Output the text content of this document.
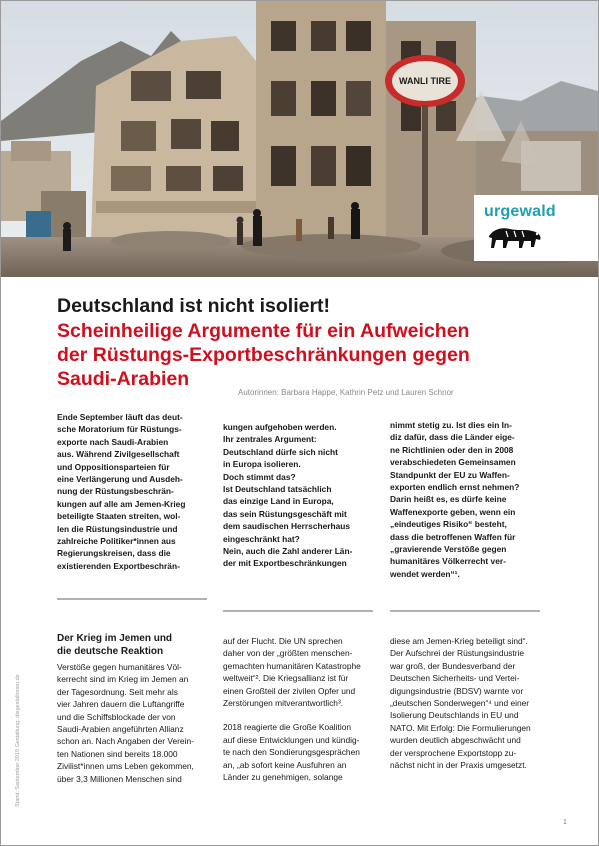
WANLI TIRE
urgewald
Deutschland ist nicht isoliert!
Scheinheilige Argumente für ein Aufweichen
der Rüstungs-Exportbeschränkungen gegen
Saudi-Arabien
Autorinnen: Barbara Happe, Kathrin Petz und Lauren Schnor

Ende September läuft das deut-

sche Moratorium für Rüstungs-

exporte nach Saudi-Arabien

aus. Während Zivilgesellschaft

und Oppositionsparteien für

eine Verlängerung und Ausdeh-

nung der Rüstungsbeschrän-

kungen auf alle am Jemen-Krieg

beteiligte Staaten streiten, wol-

len die Rüstungsindustrie und

zahlreiche Politiker*innen aus

Regierungskreisen, dass die

existierenden Exportbeschrän-

kungen aufgehoben werden.

Ihr zentrales Argument:

Deutschland dürfe sich nicht

in Europa isolieren.

Doch stimmt das?

Ist Deutschland tatsächlich

das einzige Land in Europa,

das sein Rüstungsgeschäft mit

dem saudischen Herrscherhaus

eingeschränkt hat?

Nein, auch die Zahl anderer Län-

der mit Exportbeschränkungen

nimmt stetig zu. Ist dies ein In-

diz dafür, dass die Länder eige-

ne Richtlinien oder den in 2008

verabschiedeten Gemeinsamen

Standpunkt der EU zu Waffen-

exporten endlich ernst nehmen?

Darin heißt es, es dürfe keine

Waffenexporte geben, wenn ein

„eindeutiges Risiko“ besteht,

dass die betroffenen Waffen für

„gravierende Verstöße gegen

humanitäres Völkerrecht ver-

wendet werden“¹.

Der Krieg im Jemen und
die deutsche Reaktion

Verstöße gegen humanitäres Völ-

kerrecht sind im Krieg im Jemen an

der Tagesordnung. Seit mehr als

vier Jahren dauern die Luftangriffe

und die Schiffsblockade der von

Saudi-Arabien angeführten Allianz

schon an. Nach Angaben der Verein-

ten Nationen sind bereits 18.000

Zivilist*innen ums Leben gekommen,

über 3,3 Millionen Menschen sind

auf der Flucht. Die UN sprechen

daher von der „größten menschen-

gemachten humanitären Katastrophe

weltweit“². Die Kriegsallianz ist für

einen Großteil der zivilen Opfer und

Zerstörungen mitverantwortlich³.

2018 reagierte die Große Koalition

auf diese Entwicklungen und kündig-

te nach den Sondierungsgesprächen

an, „ab sofort keine Ausfuhren an

Länder zu genehmigen, solange

diese am Jemen-Krieg beteiligt sind“.

Der Aufschrei der Rüstungsindustrie

war groß, der Bundesverband der

Deutschen Sicherheits- und Vertei-

digungsindustrie (BDSV) warnte vor

„deutschen Sonderwegen“⁴ und einer

Isolierung Deutschlands in EU und

NATO. Mit Erfolg: Die Formulierungen

wurden deutlich abgeschwächt und

der versprochene Exportstopp zu-

nächst nicht in der Praxis umgesetzt.

Stand: September 2019 Gestaltung: diegestaltonen.de
1
